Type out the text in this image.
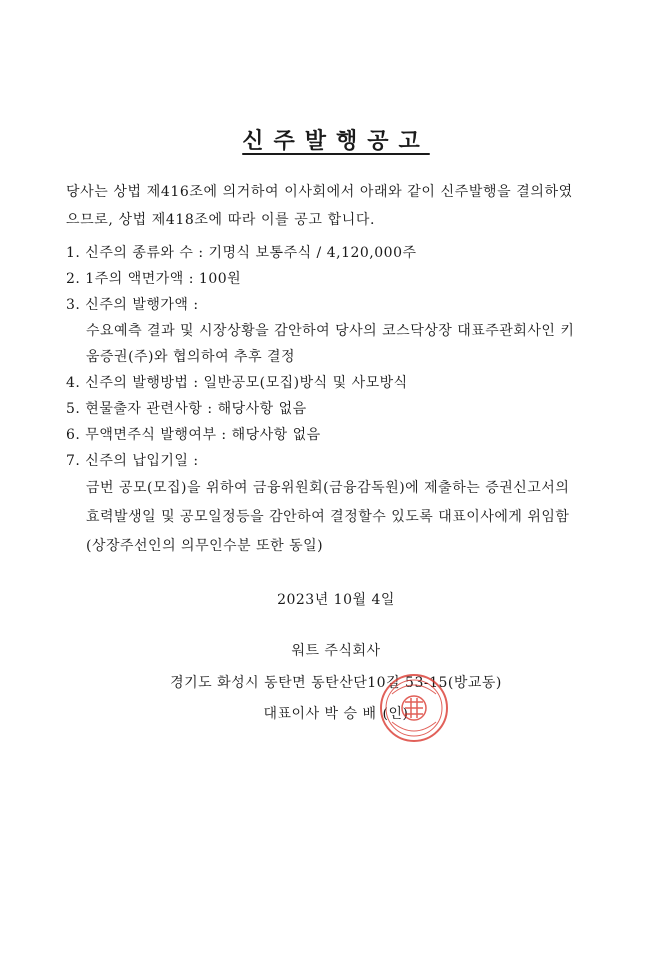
신주발행공고
당사는 상법 제416조에 의거하여 이사회에서 아래와 같이 신주발행을 결의하였
으므로, 상법 제418조에 따라 이를 공고 합니다.
1. 신주의 종류와 수 : 기명식 보통주식 / 4,120,000주
2. 1주의 액면가액 : 100원
3. 신주의 발행가액 :
수요예측 결과 및 시장상황을 감안하여 당사의 코스닥상장 대표주관회사인 키
움증권(주)와 협의하여 추후 결정
4. 신주의 발행방법 : 일반공모(모집)방식 및 사모방식
5. 현물출자 관련사항 : 해당사항 없음
6. 무액면주식 발행여부 : 해당사항 없음
7. 신주의 납입기일 :
금번 공모(모집)을 위하여 금융위원회(금융감독원)에 제출하는 증권신고서의
효력발생일 및 공모일정등을 감안하여 결정할수 있도록 대표이사에게 위임함
(상장주선인의 의무인수분 또한 동일)
2023년 10월 4일
워트 주식회사
경기도 화성시 동탄면 동탄산단10길 53-15(방교동)
대표이사 박 승 배 (인)
